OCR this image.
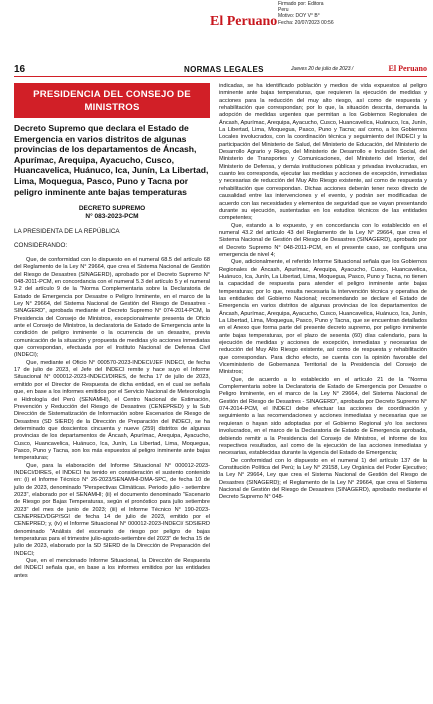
El Peruano
Firmado por: Editora
Peru
Motivo: DOY V° B°
Fecha: 20/07/2023 00:56
16	NORMAS LEGALES	Jueves 20 de julio de 2023 /	El Peruano
PRESIDENCIA DEL CONSEJO DE MINISTROS
Decreto Supremo que declara el Estado de Emergencia en varios distritos de algunas provincias de los departamentos de Áncash, Apurímac, Arequipa, Ayacucho, Cusco, Huancavelica, Huánuco, Ica, Junín, La Libertad, Lima, Moquegua, Pasco, Puno y Tacna por peligro inminente ante bajas temperaturas
DECRETO SUPREMO
N° 083-2023-PCM
LA PRESIDENTA DE LA REPÚBLICA
CONSIDERANDO:
Que, de conformidad con lo dispuesto en el numeral 68.5 del artículo 68 del Reglamento de la Ley N° 29664, que crea el Sistema Nacional de Gestión del Riesgo de Desastres (SINAGERD), aprobado por el Decreto Supremo N° 048-2011-PCM, en concordancia con el numeral 5.3 del artículo 5 y el numeral 9.2 del artículo 9 de la "Norma Complementaria sobre la Declaratoria de Estado de Emergencia por Desastre o Peligro Inminente, en el marco de la Ley N° 29664, del Sistema Nacional de Gestión del Riesgo de Desastres - SINAGERD", aprobada mediante el Decreto Supremo N° 074-2014-PCM, la Presidencia del Consejo de Ministros, excepcionalmente presenta de Oficio ante el Consejo de Ministros, la declaratoria de Estado de Emergencia ante la condición de peligro inminente o la ocurrencia de un desastre, previa comunicación de la situación y propuesta de medidas y/o acciones inmediatas que correspondan, efectuada por el Instituto Nacional de Defensa Civil (INDECI);
Que, mediante el Oficio N° 000570-2023-INDECI/JEF INDECI, de fecha 17 de julio de 2023, el Jefe del INDECI remite y hace suyo el Informe Situacional N° 000012-2023-INDECI/DIRES, de fecha 17 de julio de 2023, emitido por el Director de Respuesta de dicha entidad, en el cual se señala que, en base a los informes emitidos por el Servicio Nacional de Meteorología e Hidrología del Perú (SENAMHI), el Centro Nacional de Estimación, Prevención y Reducción del Riesgo de Desastres (CENEPRED) y la Sub Dirección de Sistematización de Información sobre Escenarios de Riesgo de Desastres (SD SIERD) de la Dirección de Preparación del INDECI, se ha determinado que doscientos cincuenta y nueve (259) distritos de algunas provincias de los departamentos de Áncash, Apurímac, Arequipa, Ayacucho, Cusco, Huancavelica, Huánuco, Ica, Junín, La Libertad, Lima, Moquegua, Pasco, Puno y Tacna, son los más expuestos al peligro inminente ante bajas temperaturas;
Que, para la elaboración del Informe Situacional N° 000012-2023-INDECI/DIRES, el INDECI ha tenido en consideración el sustento contenido en: (i) el Informe Técnico N° 26-2023/SENAMHI-DMA-SPC, de fecha 10 de julio de 2023, denominado "Perspectivas Climáticas. Periodo julio - setiembre 2023", elaborado por el SENAMHI; (ii) el documento denominado "Escenario de Riesgo por Bajas Temperaturas, según el pronóstico para julio setiembre 2023" del mes de junio de 2023; (iii) el Informe Técnico N° 190-2023-CENEPRED/DGP/SGI de fecha 14 de julio de 2023, emitido por el CENEPRED; y, (iv) el Informe Situacional N° 000012-2023-INDECI/ SDSIERD denominado "Análisis del escenario de riesgo por peligro de bajas temperaturas para el trimestre julio-agosto-setiembre del 2023" de fecha 15 de julio de 2023, elaborado por la SD SIERD de la Dirección de Preparación del INDECI;
Que, en el mencionado Informe Situacional, la Dirección de Respuesta del INDECI señala que, en base a los informes emitidos por las entidades antes
indicadas, se ha identificado población y medios de vida expuestos al peligro inminente ante bajas temperaturas, que requieren la ejecución de medidas y acciones para la reducción del muy alto riesgo, así como de respuesta y rehabilitación que correspondan; por lo que, la situación descrita, demanda la adopción de medidas urgentes que permitan a los Gobiernos Regionales de Áncash, Apurímac, Arequipa, Ayacucho, Cusco, Huancavelica, Huánuco, Ica, Junín, La Libertad, Lima, Moquegua, Pasco, Puno y Tacna; así como, a los Gobiernos Locales involucrados, con la coordinación técnica y seguimiento del INDECI y la participación del Ministerio de Salud, del Ministerio de Educación, del Ministerio de Desarrollo Agrario y Riego, del Ministerio de Desarrollo e Inclusión Social, del Ministerio de Transportes y Comunicaciones, del Ministerio del Interior, del Ministerio de Defensa, y demás instituciones públicas y privadas involucradas, en cuanto les corresponda, ejecutar las medidas y acciones de excepción, inmediatas y necesarias de reducción del Muy Alto Riesgo existente, así como de respuesta y rehabilitación que correspondan. Dichas acciones deberán tener nexo directo de causalidad entre las intervenciones y el evento, y podrán ser modificadas de acuerdo con las necesidades y elementos de seguridad que se vayan presentando durante su ejecución, sustentadas en los estudios técnicos de las entidades competentes;
Que, estando a lo expuesto, y en concordancia con lo establecido en el numeral 43.2 del artículo 43 del Reglamento de la Ley N° 29664, que crea el Sistema Nacional de Gestión del Riesgo de Desastres (SINAGERD), aprobado por el Decreto Supremo N° 048-2011-PCM, en el presente caso, se configura una emergencia de nivel 4;
Que, adicionalmente, el referido Informe Situacional señala que los Gobiernos Regionales de Áncash, Apurímac, Arequipa, Ayacucho, Cusco, Huancavelica, Huánuco, Ica, Junín, La Libertad, Lima, Moquegua, Pasco, Puno y Tacna, no tienen la capacidad de respuesta para atender el peligro inminente ante bajas temperaturas; por lo que, resulta necesaria la intervención técnica y operativa de las entidades del Gobierno Nacional; recomendando se declare el Estado de Emergencia en varios distritos de algunas provincias de los departamentos de Áncash, Apurímac, Arequipa, Ayacucho, Cusco, Huancavelica, Huánuco, Ica, Junín, La Libertad, Lima, Moquegua, Pasco, Puno y Tacna, que se encuentran detallados en el Anexo que forma parte del presente decreto supremo, por peligro inminente ante bajas temperaturas, por el plazo de sesenta (60) días calendario, para la ejecución de medidas y acciones de excepción, inmediatas y necesarias de reducción del Muy Alto Riesgo existente, así como de respuesta y rehabilitación que correspondan. Para dicho efecto, se cuenta con la opinión favorable del Viceministerio de Gobernanza Territorial de la Presidencia del Consejo de Ministros;
Que, de acuerdo a lo establecido en el artículo 21 de la "Norma Complementaria sobre la Declaratoria de Estado de Emergencia por Desastre o Peligro Inminente, en el marco de la Ley N° 29664, del Sistema Nacional de Gestión del Riesgo de Desastres - SINAGERD", aprobada por Decreto Supremo N° 074-2014-PCM, el INDECI debe efectuar las acciones de coordinación y seguimiento a las recomendaciones y acciones inmediatas y necesarias que se requieran o hayan sido adoptadas por el Gobierno Regional y/o los sectores involucrados, en el marco de la Declaratoria de Estado de Emergencia aprobada, debiendo remitir a la Presidencia del Consejo de Ministros, el informe de los respectivos resultados, así como de la ejecución de las acciones inmediatas y necesarias, establecidas durante la vigencia del Estado de Emergencia;
De conformidad con lo dispuesto en el numeral 1) del artículo 137 de la Constitución Política del Perú; la Ley N° 29158, Ley Orgánica del Poder Ejecutivo; la Ley N° 29664, Ley que crea el Sistema Nacional de Gestión del Riesgo de Desastres (SINAGERD); el Reglamento de la Ley N° 29664, que crea el Sistema Nacional de Gestión del Riesgo de Desastres (SINAGERD), aprobado mediante el Decreto Supremo N° 048-
